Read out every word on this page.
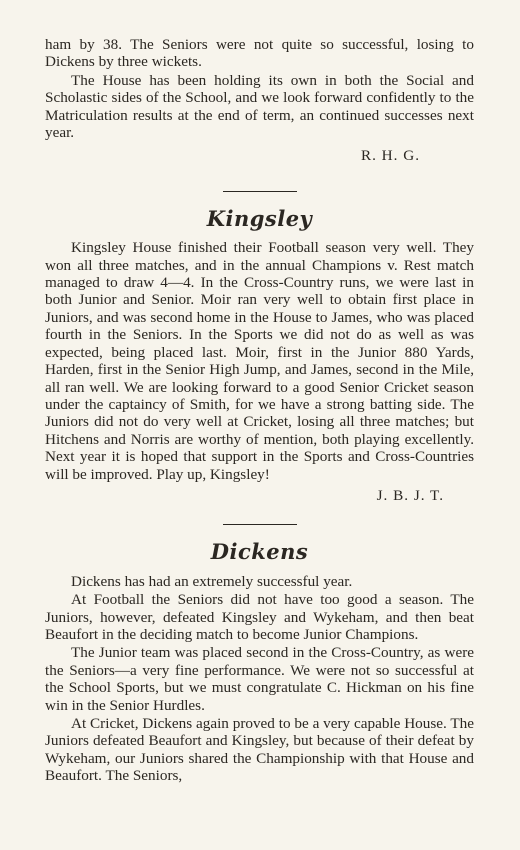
ham by 38. The Seniors were not quite so successful, losing to Dickens by three wickets.

The House has been holding its own in both the Social and Scholastic sides of the School, and we look forward confidently to the Matriculation results at the end of term, an continued successes next year.

R. H. G.
Kingsley

Kingsley House finished their Football season very well. They won all three matches, and in the annual Champions v. Rest match managed to draw 4—4. In the Cross-Country runs, we were last in both Junior and Senior. Moir ran very well to obtain first place in Juniors, and was second home in the House to James, who was placed fourth in the Seniors. In the Sports we did not do as well as was expected, being placed last. Moir, first in the Junior 880 Yards, Harden, first in the Senior High Jump, and James, second in the Mile, all ran well. We are looking forward to a good Senior Cricket season under the captaincy of Smith, for we have a strong batting side. The Juniors did not do very well at Cricket, losing all three matches; but Hitchens and Norris are worthy of mention, both playing excellently. Next year it is hoped that support in the Sports and Cross-Countries will be improved. Play up, Kingsley!

J. B. J. T.
Dickens

Dickens has had an extremely successful year.

At Football the Seniors did not have too good a season. The Juniors, however, defeated Kingsley and Wykeham, and then beat Beaufort in the deciding match to become Junior Champions.

The Junior team was placed second in the Cross-Country, as were the Seniors—a very fine performance. We were not so successful at the School Sports, but we must congratulate C. Hickman on his fine win in the Senior Hurdles.

At Cricket, Dickens again proved to be a very capable House. The Juniors defeated Beaufort and Kingsley, but because of their defeat by Wykeham, our Juniors shared the Championship with that House and Beaufort. The Seniors,
